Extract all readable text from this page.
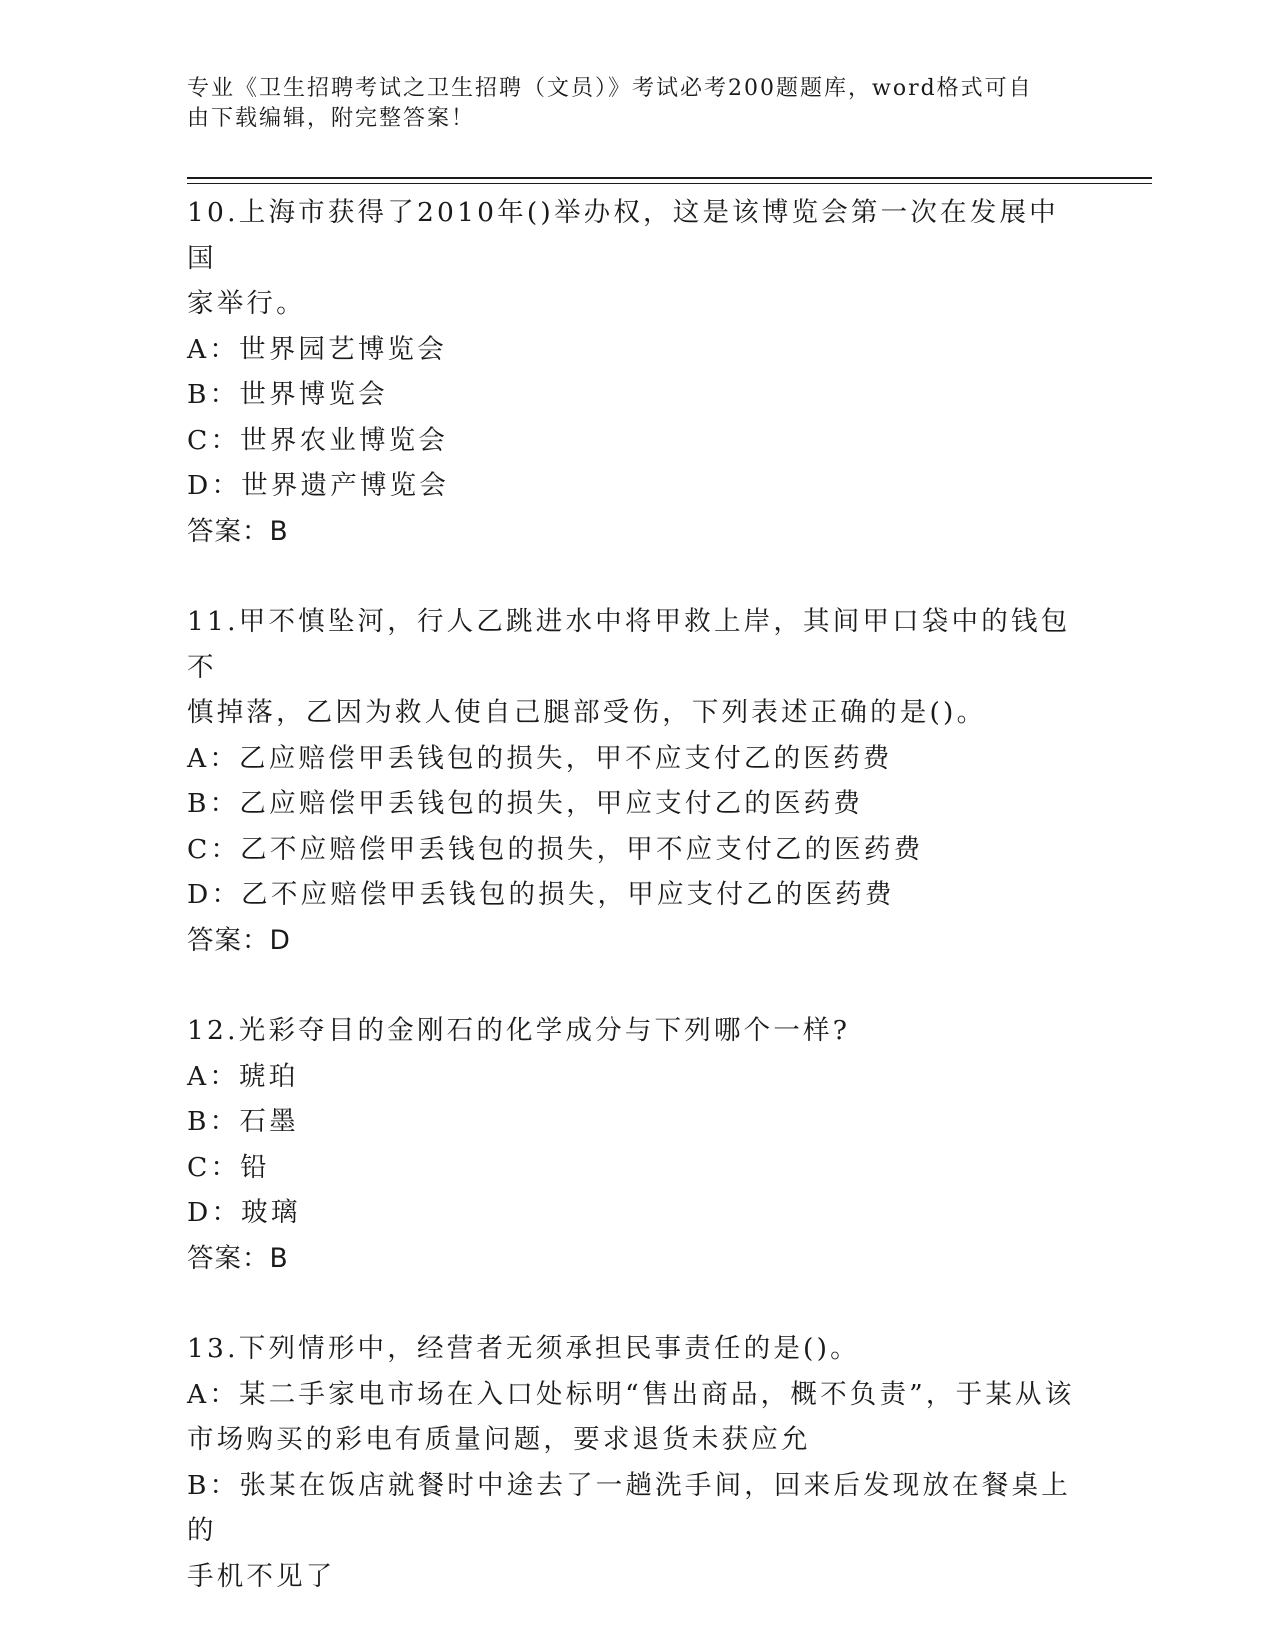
专业《卫生招聘考试之卫生招聘（文员）》考试必考200题题库，word格式可自
由下载编辑，附完整答案！

10.上海市获得了2010年()举办权，这是该博览会第一次在发展中国

家举行。

A：世界园艺博览会

B：世界博览会

C：世界农业博览会

D：世界遗产博览会

答案：B

11.甲不慎坠河，行人乙跳进水中将甲救上岸，其间甲口袋中的钱包不

慎掉落，乙因为救人使自己腿部受伤，下列表述正确的是()。

A：乙应赔偿甲丢钱包的损失，甲不应支付乙的医药费

B：乙应赔偿甲丢钱包的损失，甲应支付乙的医药费

C：乙不应赔偿甲丢钱包的损失，甲不应支付乙的医药费

D：乙不应赔偿甲丢钱包的损失，甲应支付乙的医药费

答案：D

12.光彩夺目的金刚石的化学成分与下列哪个一样?

A：琥珀

B：石墨

C：铅

D：玻璃

答案：B

13.下列情形中，经营者无须承担民事责任的是()。

A：某二手家电市场在入口处标明“售出商品，概不负责”，于某从该

市场购买的彩电有质量问题，要求退货未获应允

B：张某在饭店就餐时中途去了一趟洗手间，回来后发现放在餐桌上的

手机不见了
